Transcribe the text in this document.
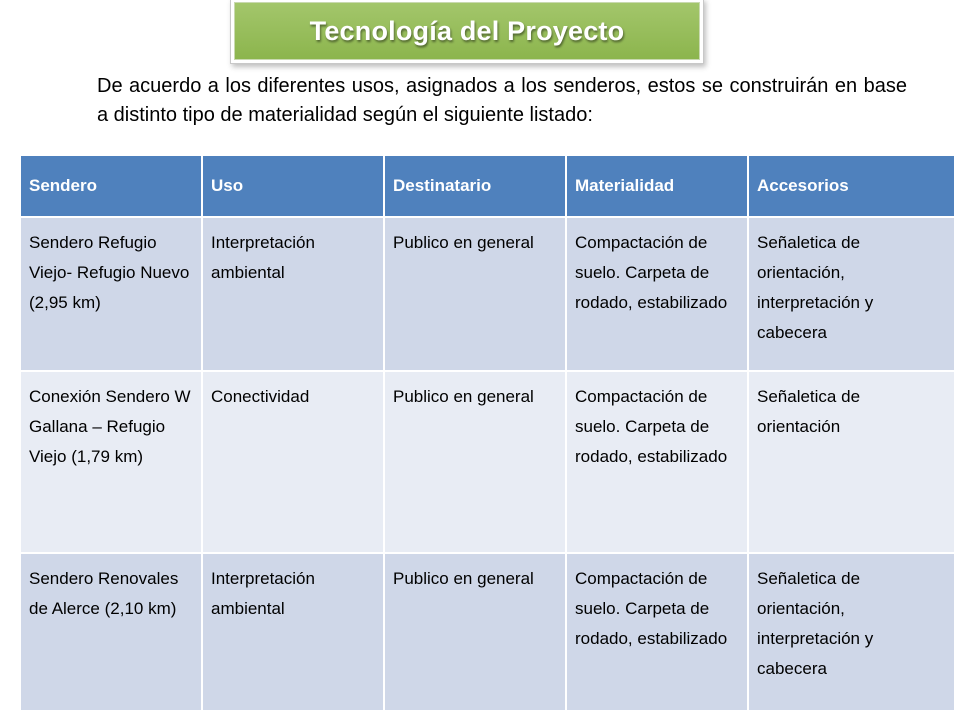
Tecnología del Proyecto

De acuerdo a los diferentes usos, asignados a los senderos, estos se construirán en base a distinto tipo de materialidad según el siguiente listado:

Sendero	Uso	Destinatario	Materialidad	Accesorios
Sendero Refugio Viejo- Refugio Nuevo (2,95 km)	Interpretación ambiental	Publico en general	Compactación de suelo. Carpeta de rodado, estabilizado	Señaletica de orientación, interpretación y cabecera
Conexión Sendero W Gallana – Refugio Viejo (1,79 km)	Conectividad	Publico en general	Compactación de suelo. Carpeta de rodado, estabilizado	Señaletica de orientación
Sendero Renovales de Alerce (2,10 km)	Interpretación ambiental	Publico en general	Compactación de suelo. Carpeta de rodado, estabilizado	Señaletica de orientación, interpretación y cabecera
